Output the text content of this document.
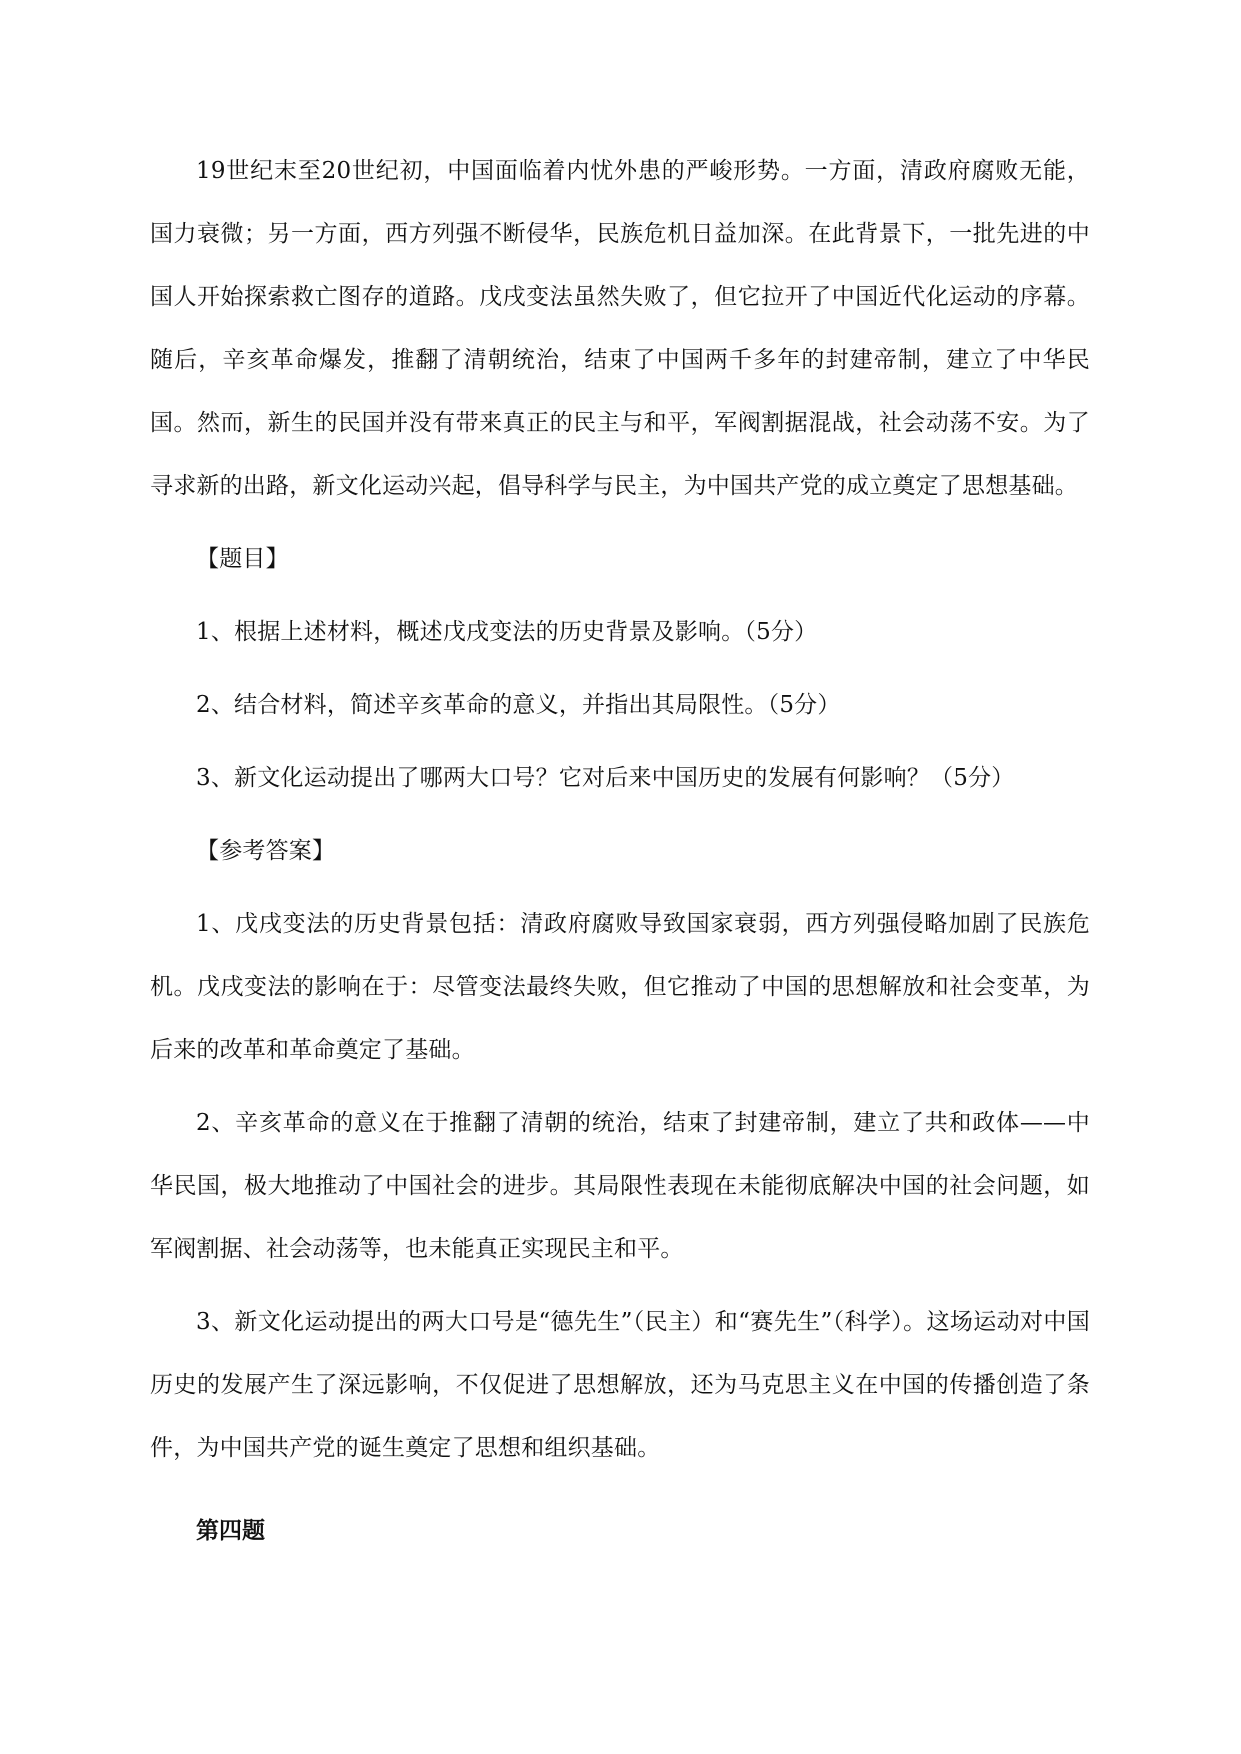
19世纪末至20世纪初，中国面临着内忧外患的严峻形势。一方面，清政府腐败无能，国力衰微；另一方面，西方列强不断侵华，民族危机日益加深。在此背景下，一批先进的中国人开始探索救亡图存的道路。戊戌变法虽然失败了，但它拉开了中国近代化运动的序幕。随后，辛亥革命爆发，推翻了清朝统治，结束了中国两千多年的封建帝制，建立了中华民国。然而，新生的民国并没有带来真正的民主与和平，军阀割据混战，社会动荡不安。为了寻求新的出路，新文化运动兴起，倡导科学与民主，为中国共产党的成立奠定了思想基础。

【题目】

1、根据上述材料，概述戊戌变法的历史背景及影响。（5分）

2、结合材料，简述辛亥革命的意义，并指出其局限性。（5分）

3、新文化运动提出了哪两大口号？它对后来中国历史的发展有何影响？（5分）

【参考答案】

1、戊戌变法的历史背景包括：清政府腐败导致国家衰弱，西方列强侵略加剧了民族危机。戊戌变法的影响在于：尽管变法最终失败，但它推动了中国的思想解放和社会变革，为后来的改革和革命奠定了基础。

2、辛亥革命的意义在于推翻了清朝的统治，结束了封建帝制，建立了共和政体——中华民国，极大地推动了中国社会的进步。其局限性表现在未能彻底解决中国的社会问题，如军阀割据、社会动荡等，也未能真正实现民主和平。

3、新文化运动提出的两大口号是“德先生”（民主）和“赛先生”（科学）。这场运动对中国历史的发展产生了深远影响，不仅促进了思想解放，还为马克思主义在中国的传播创造了条件，为中国共产党的诞生奠定了思想和组织基础。

第四题
